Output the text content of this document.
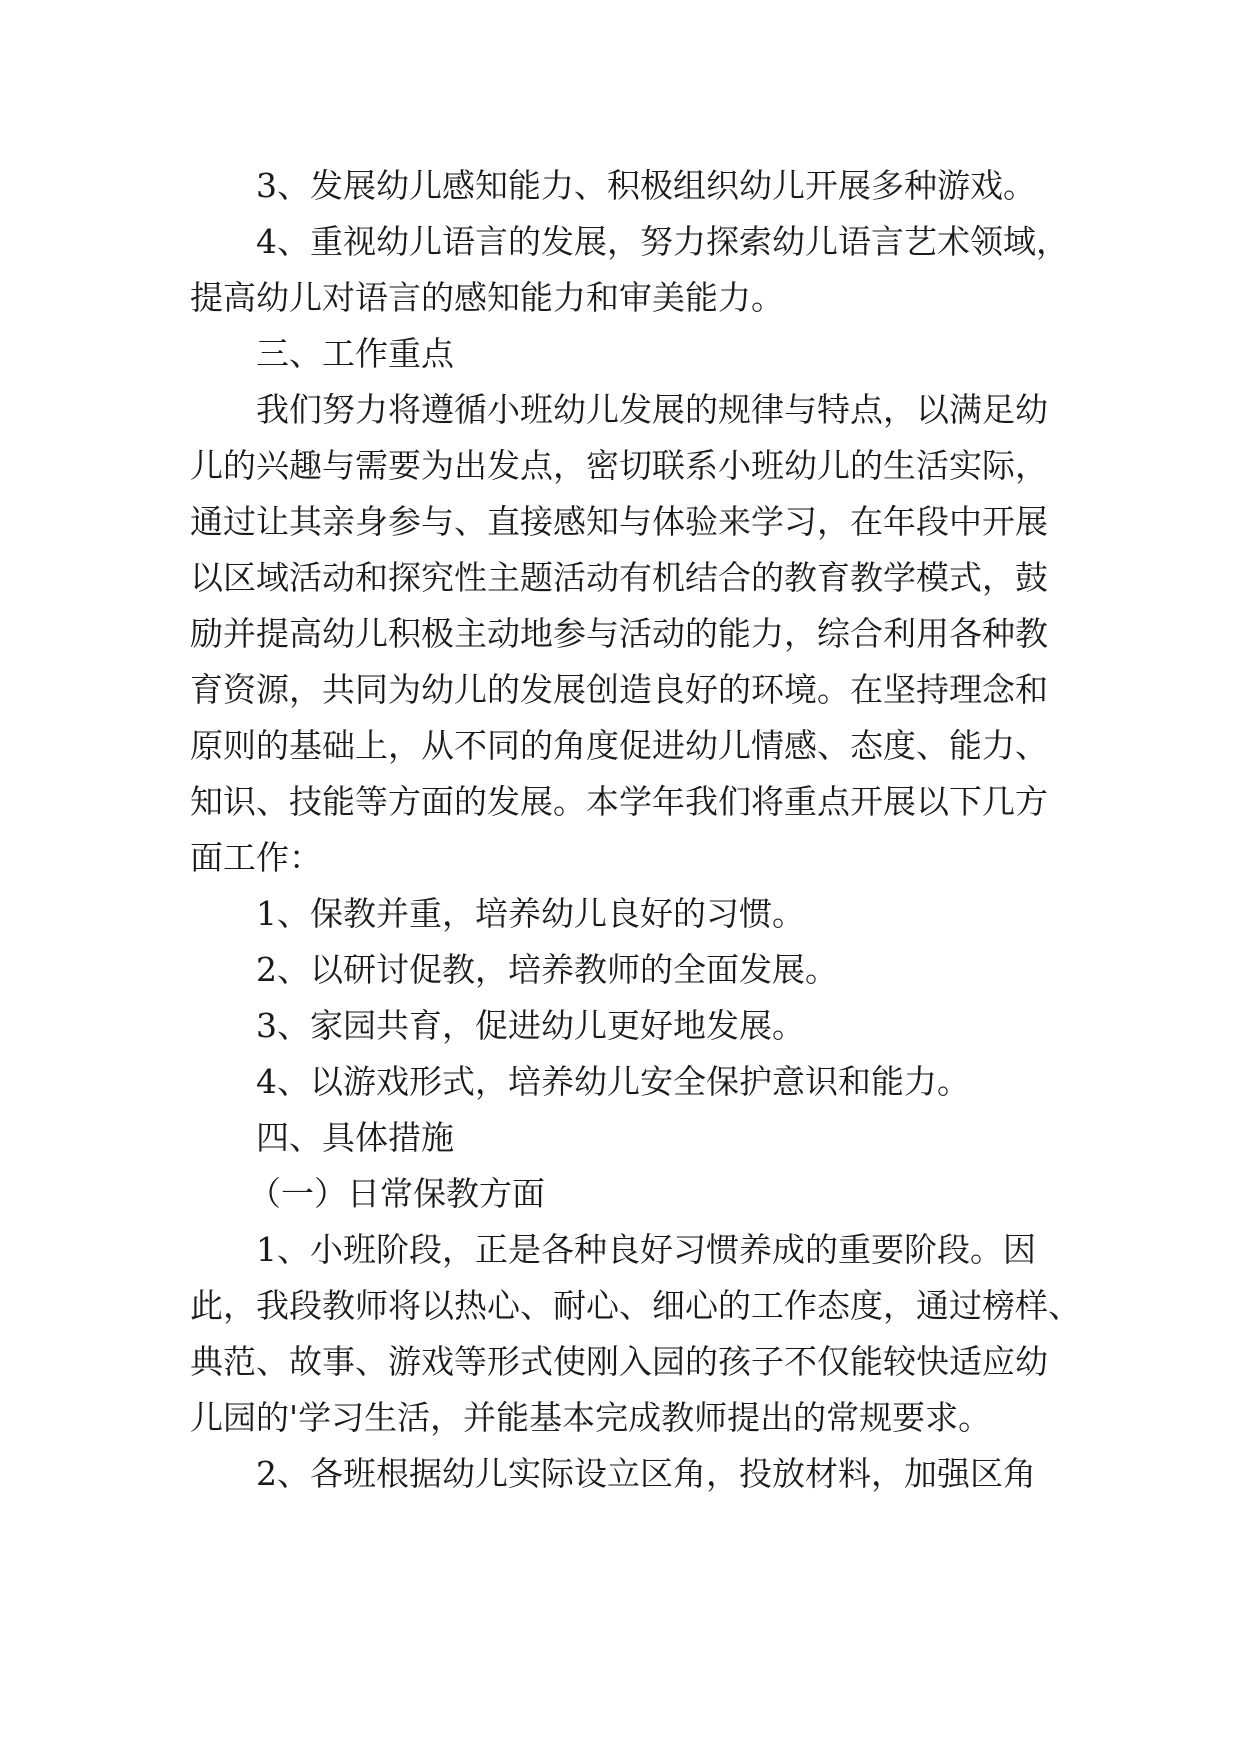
3、发展幼儿感知能力、积极组织幼儿开展多种游戏。
4、重视幼儿语言的发展，努力探索幼儿语言艺术领域，
提高幼儿对语言的感知能力和审美能力。
三、工作重点
我们努力将遵循小班幼儿发展的规律与特点，以满足幼
儿的兴趣与需要为出发点，密切联系小班幼儿的生活实际，
通过让其亲身参与、直接感知与体验来学习，在年段中开展
以区域活动和探究性主题活动有机结合的教育教学模式，鼓
励并提高幼儿积极主动地参与活动的能力，综合利用各种教
育资源，共同为幼儿的发展创造良好的环境。在坚持理念和
原则的基础上，从不同的角度促进幼儿情感、态度、能力、
知识、技能等方面的发展。本学年我们将重点开展以下几方
面工作：
1、保教并重，培养幼儿良好的习惯。
2、以研讨促教，培养教师的全面发展。
3、家园共育，促进幼儿更好地发展。
4、以游戏形式，培养幼儿安全保护意识和能力。
四、具体措施
（一）日常保教方面
1、小班阶段，正是各种良好习惯养成的重要阶段。因
此，我段教师将以热心、耐心、细心的工作态度，通过榜样、
典范、故事、游戏等形式使刚入园的孩子不仅能较快适应幼
儿园的'学习生活，并能基本完成教师提出的常规要求。
2、各班根据幼儿实际设立区角，投放材料，加强区角
